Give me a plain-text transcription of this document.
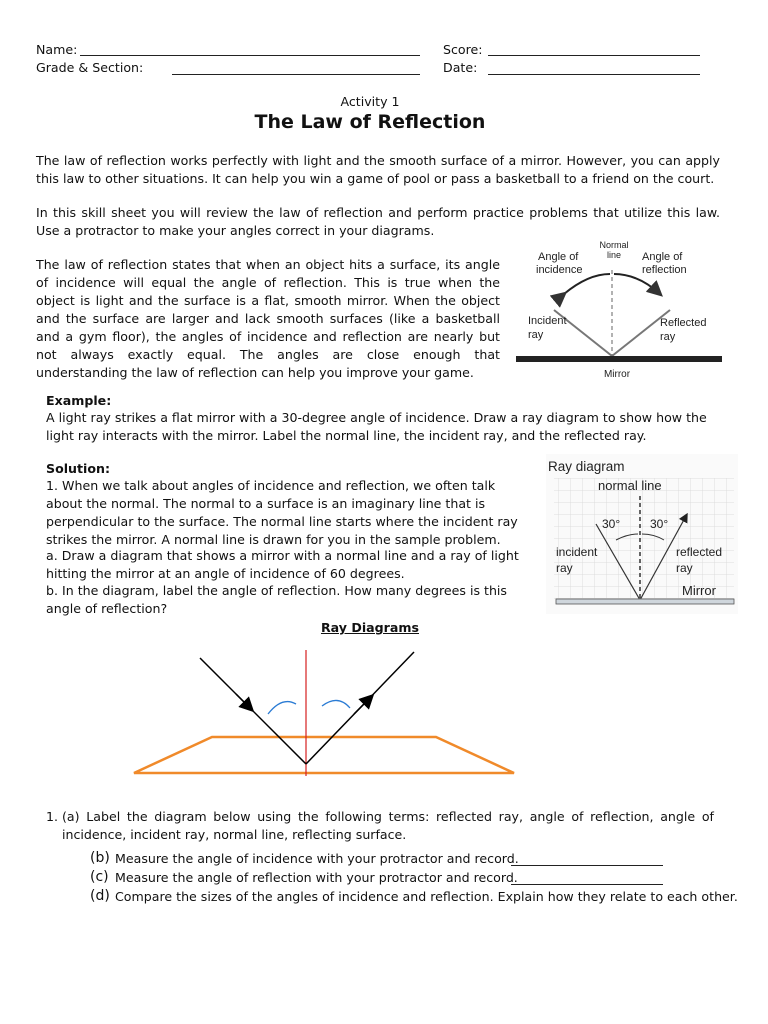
Name:
Grade & Section:
Score:
Date:
Activity 1
The Law of Reflection

The law of reflection works perfectly with light and the smooth surface of a mirror. However, you can apply this law to other situations. It can help you win a game of pool or pass a basketball to a friend on the court.

In this skill sheet you will review the law of reflection and perform practice problems that utilize this law. Use a protractor to make your angles correct in your diagrams.

The law of reflection states that when an object hits a surface, its angle of incidence will equal the angle of reflection. This is true when the object is light and the surface is a flat, smooth mirror. When the object and the surface are larger and lack smooth surfaces (like a basketball and a gym floor), the angles of incidence and reflection are nearly but not always exactly equal. The angles are close enough that understanding the law of reflection can help you improve your game.

Normal
line
Angle of
incidence
Angle of
reflection
Incident
ray
Reflected
ray
Mirror
Example:

A light ray strikes a flat mirror with a 30-degree angle of incidence. Draw a ray diagram to show how the light ray interacts with the mirror. Label the normal line, the incident ray, and the reflected ray.

Solution:

1. When we talk about angles of incidence and reflection, we often talk about the normal. The normal to a surface is an imaginary line that is perpendicular to the surface. The normal line starts where the incident ray strikes the mirror. A normal line is drawn for you in the sample problem.

a. Draw a diagram that shows a mirror with a normal line and a ray of light hitting the mirror at an angle of incidence of 60 degrees.

b. In the diagram, label the angle of reflection. How many degrees is this angle of reflection?

Ray diagram
normal line
30° 30°
incident
ray
reflected
ray
Mirror
Ray Diagrams
1. (a) Label the diagram below using the following terms: reflected ray, angle of reflection, angle of incidence, incident ray, normal line, reflecting surface.

(b) Measure the angle of incidence with your protractor and record.
(c) Measure the angle of reflection with your protractor and record.
(d) Compare the sizes of the angles of incidence and reflection. Explain how they relate to each other.
